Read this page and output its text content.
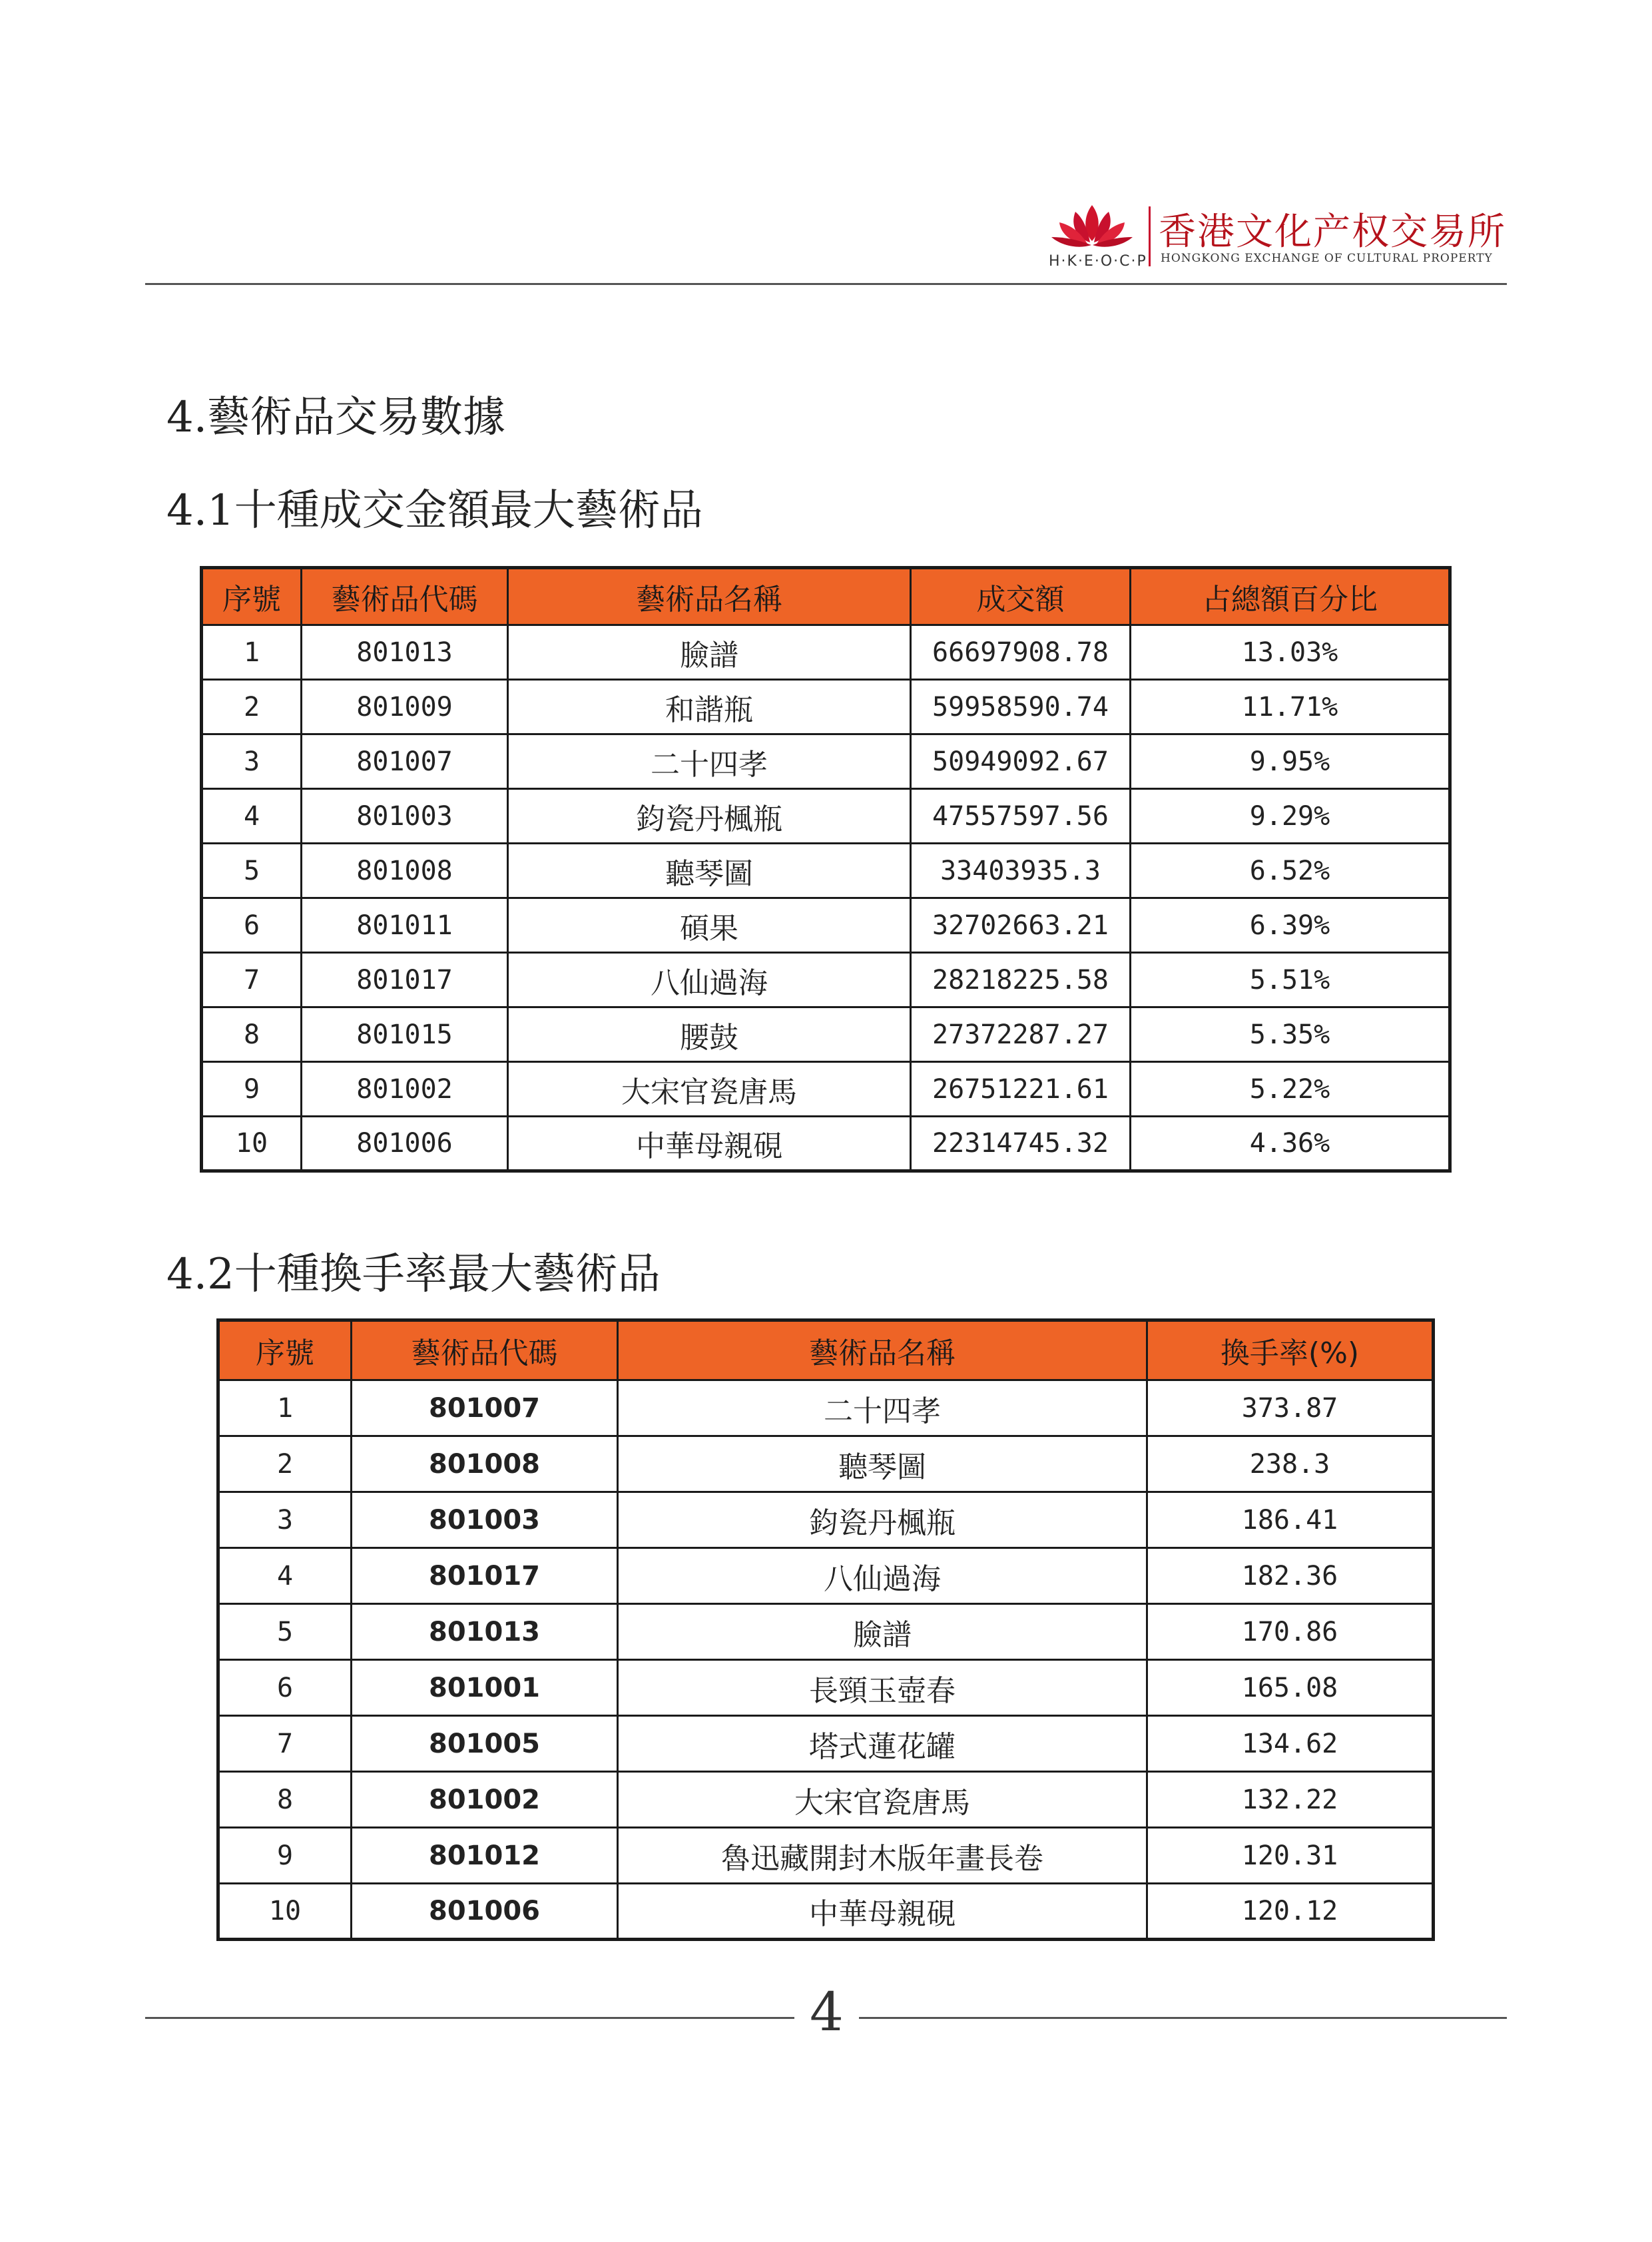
H·K·E·O·C·P
香港文化产权交易所
HONGKONG EXCHANGE OF CULTURAL PROPERTY
4.藝術品交易數據
4.1十種成交金額最大藝術品
序號	藝術品代碼	藝術品名稱	成交額	占總額百分比
1	801013	臉譜	66697908.78	13.03%
2	801009	和諧瓶	59958590.74	11.71%
3	801007	二十四孝	50949092.67	9.95%
4	801003	鈞瓷丹楓瓶	47557597.56	9.29%
5	801008	聽琴圖	33403935.3	6.52%
6	801011	碩果	32702663.21	6.39%
7	801017	八仙過海	28218225.58	5.51%
8	801015	腰鼓	27372287.27	5.35%
9	801002	大宋官瓷唐馬	26751221.61	5.22%
10	801006	中華母親硯	22314745.32	4.36%
4.2十種換手率最大藝術品
序號	藝術品代碼	藝術品名稱	換手率(%)
1	801007	二十四孝	373.87
2	801008	聽琴圖	238.3
3	801003	鈞瓷丹楓瓶	186.41
4	801017	八仙過海	182.36
5	801013	臉譜	170.86
6	801001	長頸玉壺春	165.08
7	801005	塔式蓮花罐	134.62
8	801002	大宋官瓷唐馬	132.22
9	801012	魯迅藏開封木版年畫長卷	120.31
10	801006	中華母親硯	120.12
4
